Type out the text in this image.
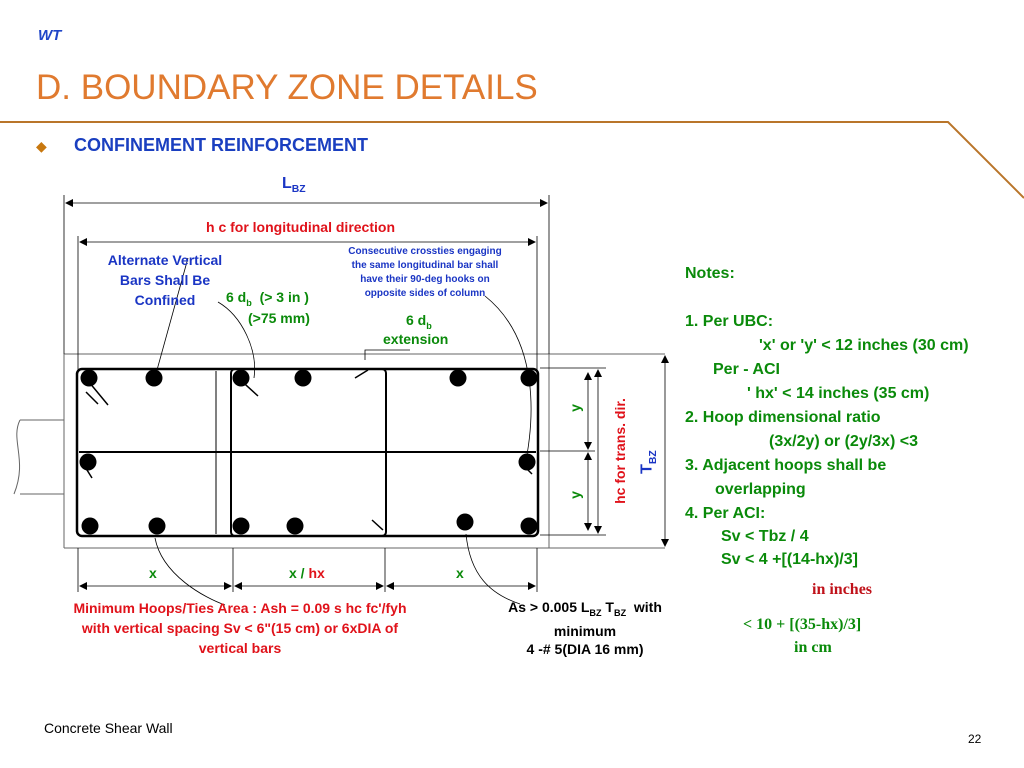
WT
D. BOUNDARY ZONE DETAILS
◆ CONFINEMENT REINFORCEMENT
$L_{BZ}$
h c for longitudinal direction
Alternate Vertical
Bars Shall Be
Confined
Consecutive crossties engaging
the same longitudinal bar shall
have their 90-deg hooks on
opposite sides of column
6 $d_b$  (> 3 in )
(>75 mm)	6 $d_b$
extension
y
y hc for trans. dir. $T_{BZ}$
x	x / hx	x
Minimum Hoops/Ties Area : Ash = 0.09 s hc fc'/fyh
with vertical spacing Sv < 6"(15 cm) or 6xDIA of
vertical bars
As > 0.005 $L_{BZ}$ $T_{BZ}$  with
minimum
4 -# 5(DIA 16 mm)
Notes:
1. Per UBC:
'x' or 'y' < 12 inches (30 cm)
Per - ACI
' hx' < 14 inches (35 cm)
2. Hoop dimensional ratio
(3x/2y) or (2y/3x) <3
3. Adjacent hoops shall be
overlapping
4. Per ACI:
Sv < Tbz / 4
Sv < 4 +[(14-hx)/3]
in inches
< 10 + [(35-hx)/3]
in cm
Concrete Shear Wall
22
